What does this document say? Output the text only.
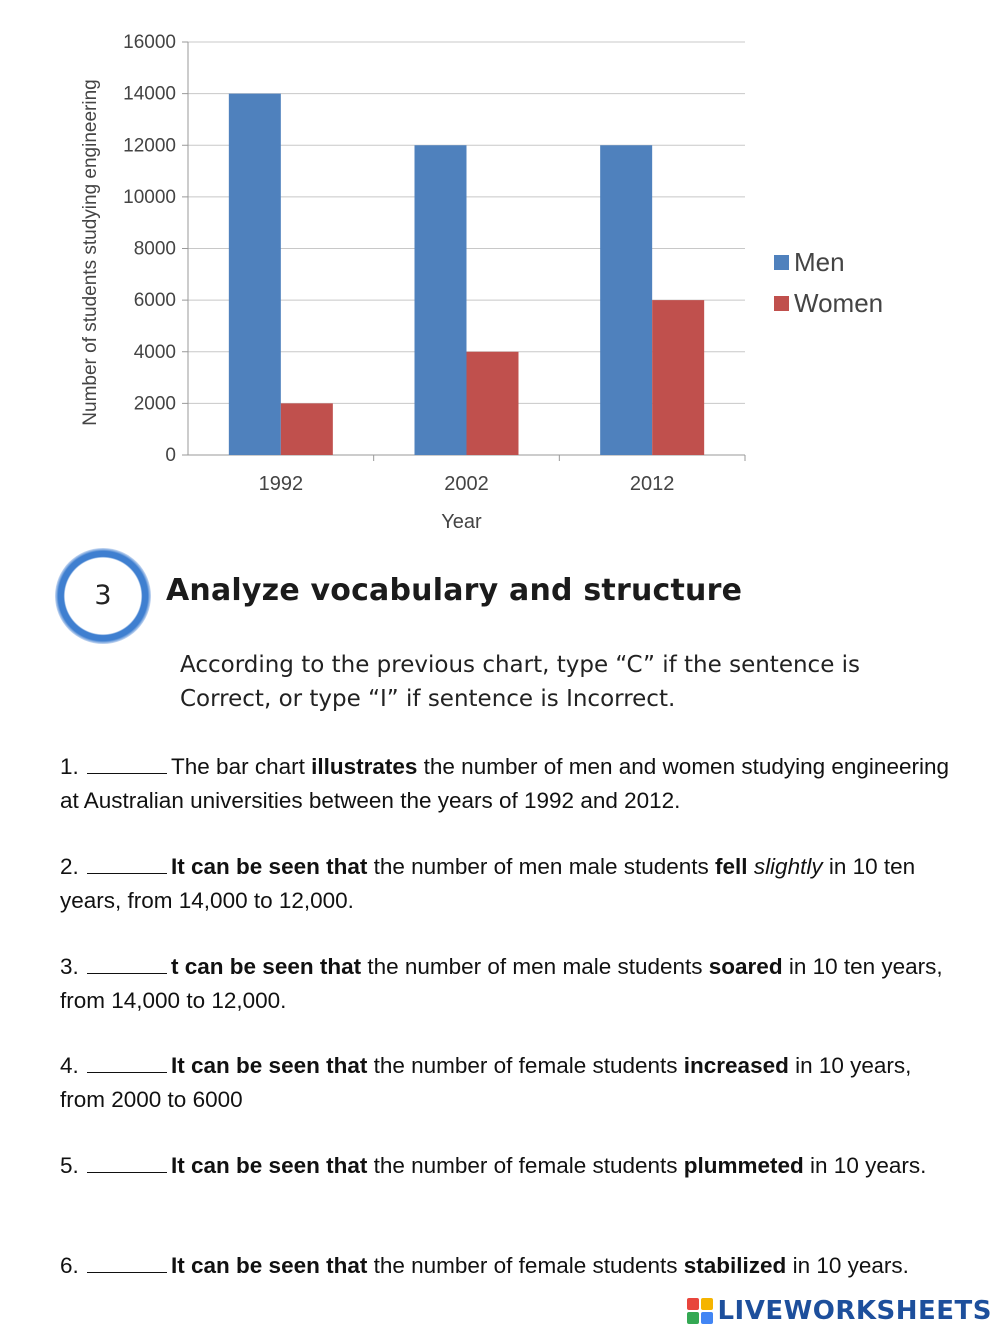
0
2000
4000
6000
8000
10000
12000
14000
16000
1992	2002	2012
Year
Number of students studying engineering	Men
Women
3	Analyze vocabulary and structure

According to the previous chart, type “C” if the sentence is

Correct, or type “I” if sentence is Incorrect.

1.	The bar chart illustrates the number of men and women studying engineering at Australian universities between the years of 1992 and 2012.
2.	It can be seen that the number of men male students fell slightly in 10 ten years, from 14,000 to 12,000.
3.	t can be seen that the number of men male students soared in 10 ten years, from 14,000 to 12,000.
4.	It can be seen that the number of female students increased in 10 years, from 2000 to 6000
5.	It can be seen that the number of female students plummeted in 10 years.
6.	It can be seen that the number of female students stabilized in 10 years.
LIVEWORKSHEETS
